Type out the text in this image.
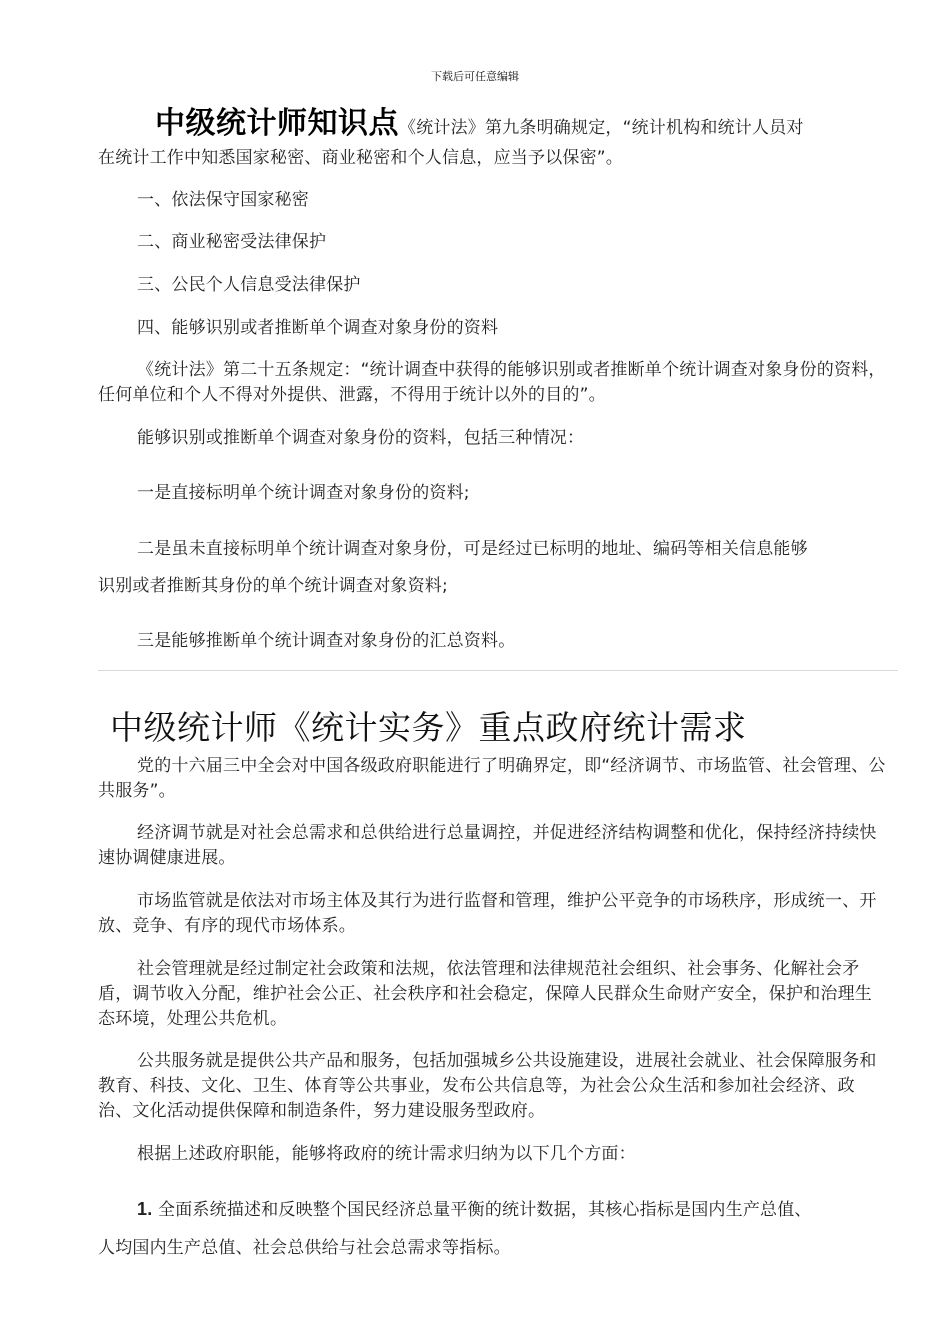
下载后可任意编辑

中级统计师知识点《统计法》第九条明确规定，“统计机构和统计人员对

在统计工作中知悉国家秘密、商业秘密和个人信息，应当予以保密”。

一、依法保守国家秘密

二、商业秘密受法律保护

三、公民个人信息受法律保护

四、能够识别或者推断单个调查对象身份的资料

《统计法》第二十五条规定：“统计调查中获得的能够识别或者推断单个统计调查对象身份的资料，任何单位和个人不得对外提供、泄露，不得用于统计以外的目的”。

能够识别或推断单个调查对象身份的资料，包括三种情况：

一是直接标明单个统计调查对象身份的资料;

二是虽未直接标明单个统计调查对象身份，可是经过已标明的地址、编码等相关信息能够

识别或者推断其身份的单个统计调查对象资料;

三是能够推断单个统计调查对象身份的汇总资料。

中级统计师《统计实务》重点政府统计需求

党的十六届三中全会对中国各级政府职能进行了明确界定，即“经济调节、市场监管、社会管理、公共服务”。

经济调节就是对社会总需求和总供给进行总量调控，并促进经济结构调整和优化，保持经济持续快速协调健康进展。

市场监管就是依法对市场主体及其行为进行监督和管理，维护公平竞争的市场秩序，形成统一、开放、竞争、有序的现代市场体系。

社会管理就是经过制定社会政策和法规，依法管理和法律规范社会组织、社会事务、化解社会矛盾，调节收入分配，维护社会公正、社会秩序和社会稳定，保障人民群众生命财产安全，保护和治理生态环境，处理公共危机。

公共服务就是提供公共产品和服务，包括加强城乡公共设施建设，进展社会就业、社会保障服务和教育、科技、文化、卫生、体育等公共事业，发布公共信息等，为社会公众生活和参加社会经济、政治、文化活动提供保障和制造条件，努力建设服务型政府。

根据上述政府职能，能够将政府的统计需求归纳为以下几个方面：

1. 全面系统描述和反映整个国民经济总量平衡的统计数据，其核心指标是国内生产总值、

人均国内生产总值、社会总供给与社会总需求等指标。
